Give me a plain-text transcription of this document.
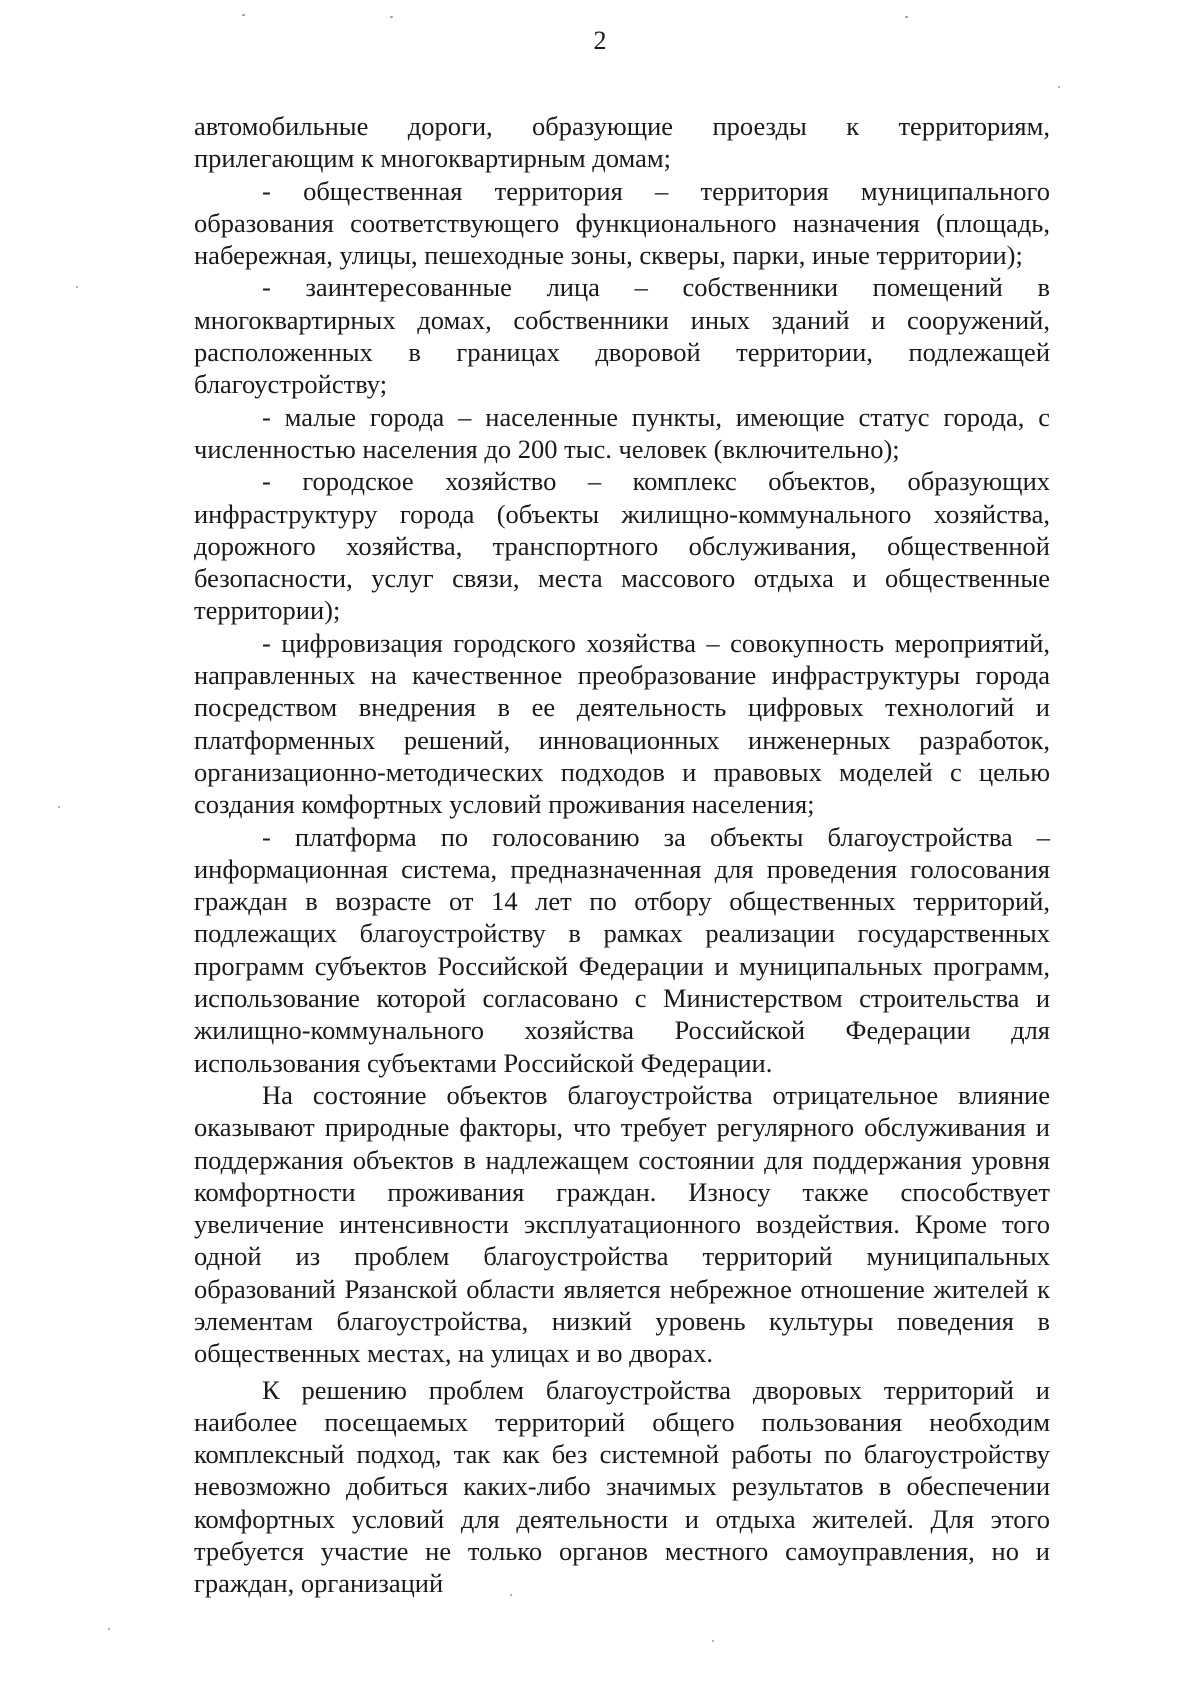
2

автомобильные дороги, образующие проезды к территориям, прилегающим к многоквартирным домам;

- общественная территория – территория муниципального образования соответствующего функционального назначения (площадь, набережная, улицы, пешеходные зоны, скверы, парки, иные территории);

- заинтересованные лица – собственники помещений в многоквартирных домах, собственники иных зданий и сооружений, расположенных в границах дворовой территории, подлежащей благоустройству;

- малые города – населенные пункты, имеющие статус города, с численностью населения до 200 тыс. человек (включительно);

- городское хозяйство – комплекс объектов, образующих инфраструктуру города (объекты жилищно-коммунального хозяйства, дорожного хозяйства, транспортного обслуживания, общественной безопасности, услуг связи, места массового отдыха и общественные территории);

- цифровизация городского хозяйства – совокупность мероприятий, направленных на качественное преобразование инфраструктуры города посредством внедрения в ее деятельность цифровых технологий и платформенных решений, инновационных инженерных разработок, организационно-методических подходов и правовых моделей с целью создания комфортных условий проживания населения;

- платформа по голосованию за объекты благоустройства – информационная система, предназначенная для проведения голосования граждан в возрасте от 14 лет по отбору общественных территорий, подлежащих благоустройству в рамках реализации государственных программ субъектов Российской Федерации и муниципальных программ, использование которой согласовано с Министерством строительства и жилищно-коммунального хозяйства Российской Федерации для использования субъектами Российской Федерации.

На состояние объектов благоустройства отрицательное влияние оказывают природные факторы, что требует регулярного обслуживания и поддержания объектов в надлежащем состоянии для поддержания уровня комфортности проживания граждан. Износу также способствует увеличение интенсивности эксплуатационного воздействия. Кроме того одной из проблем благоустройства территорий муниципальных образований Рязанской области является небрежное отношение жителей к элементам благоустройства, низкий уровень культуры поведения в общественных местах, на улицах и во дворах.

К решению проблем благоустройства дворовых территорий и наиболее посещаемых территорий общего пользования необходим комплексный подход, так как без системной работы по благоустройству невозможно добиться каких-либо значимых результатов в обеспечении комфортных условий для деятельности и отдыха жителей. Для этого требуется участие не только органов местного самоуправления, но и граждан, организаций
